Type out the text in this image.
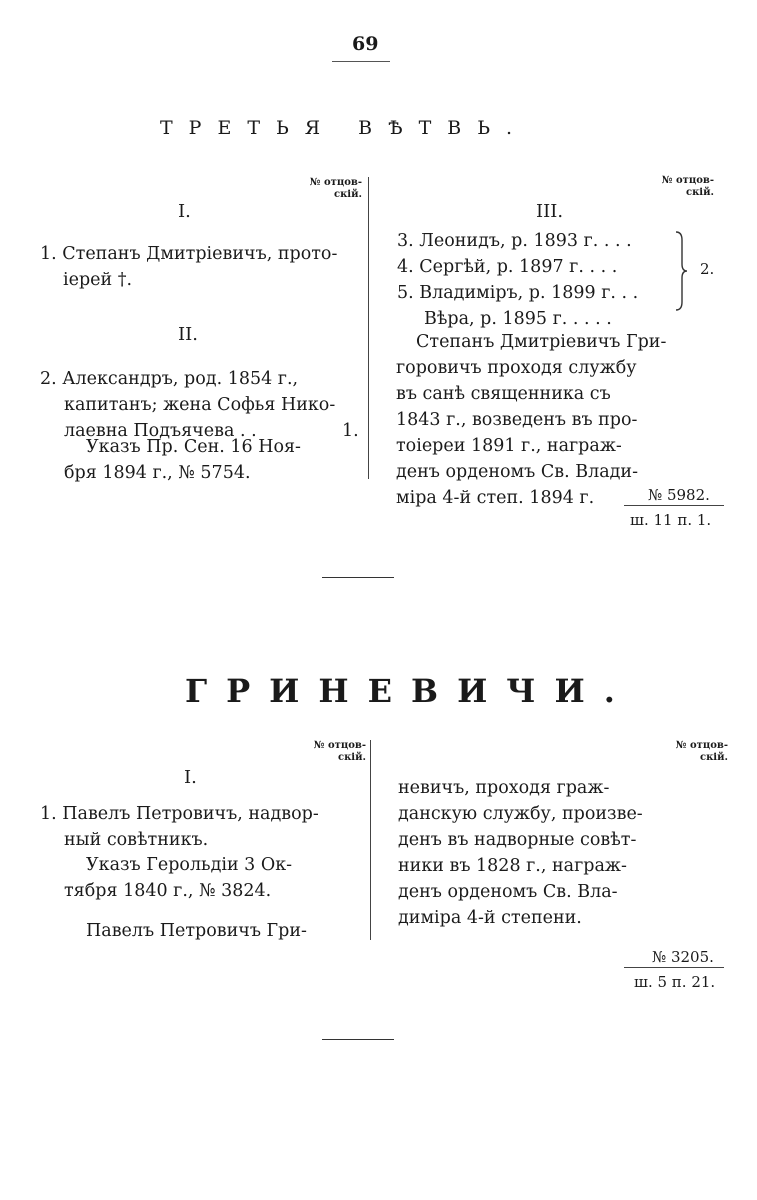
69
ТРЕТЬЯ ВѢТВЬ.
№ отцов-
скій.
I.
1. Степанъ Дмитріевичъ, прото-
іерей †.
II.
2. Александръ, род. 1854 г.,
капитанъ; жена Софья Нико-
лаевна Подъячева . .	1.
Указъ Пр. Сен. 16 Ноя-
бря 1894 г., № 5754.
№ отцов-
скій.
III.
3. Леонидъ, р. 1893 г. . . .
4. Сергѣй, р. 1897 г. . . .
5. Владиміръ, р. 1899 г. . .
Вѣра, р. 1895 г. . . . .
2.
Степанъ Дмитріевичъ Гри-
горовичъ проходя службу
въ санѣ священника съ
1843 г., возведенъ въ про-
тоіереи 1891 г., награж-
денъ орденомъ Св. Влади-
міра 4-й степ. 1894 г.	№ 5982.
ш. 11 п. 1.
ГРИНЕВИЧИ.
№ отцов-
скій.
I.
1. Павелъ Петровичъ, надвор-
ный совѣтникъ.
Указъ Герольдіи 3 Ок-
тября 1840 г., № 3824.
Павелъ Петровичъ Гри-
№ отцов-
скій.
невичъ, проходя граж-
данскую службу, произве-
денъ въ надворные совѣт-
ники въ 1828 г., награж-
денъ орденомъ Св. Вла-
диміра 4-й степени.
№ 3205.
ш. 5 п. 21.
